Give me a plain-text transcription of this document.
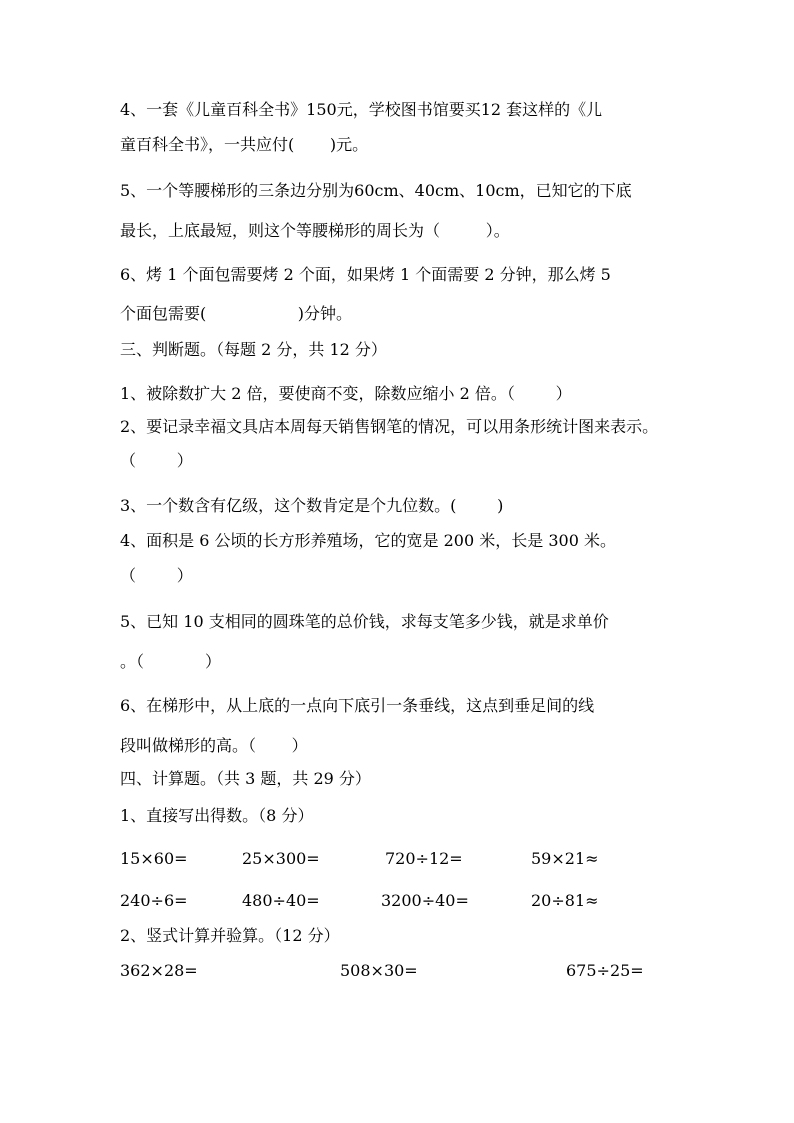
4、一套《儿童百科全书》150元，学校图书馆要买12 套这样的《儿
童百科全书》，一共应付(       )元。
5、一个等腰梯形的三条边分别为60cm、40cm、10cm，已知它的下底
最长，上底最短，则这个等腰梯形的周长为（         ）。
6、烤 1 个面包需要烤 2 个面，如果烤 1 个面需要 2 分钟，那么烤 5
个面包需要(                  )分钟。
三、判断题。（每题 2 分，共 12 分）
1、被除数扩大 2 倍，要使商不变，除数应缩小 2 倍。（        ）
2、要记录幸福文具店本周每天销售钢笔的情况，可以用条形统计图来表示。
（        ）
3、一个数含有亿级，这个数肯定是个九位数。(        )
4、面积是 6 公顷的长方形养殖场，它的宽是 200 米，长是 300 米。
（        ）
5、已知 10 支相同的圆珠笔的总价钱，求每支笔多少钱，就是求单价
。（            ）
6、在梯形中，从上底的一点向下底引一条垂线，这点到垂足间的线
段叫做梯形的高。（       ）
四、计算题。（共 3 题，共 29 分）
1、直接写出得数。（8 分）
15×60=	25×300=	720÷12=	59×21≈
240÷6=	480÷40=	3200÷40=	20÷81≈
2、竖式计算并验算。（12 分）
362×28=	508×30=	675÷25=
